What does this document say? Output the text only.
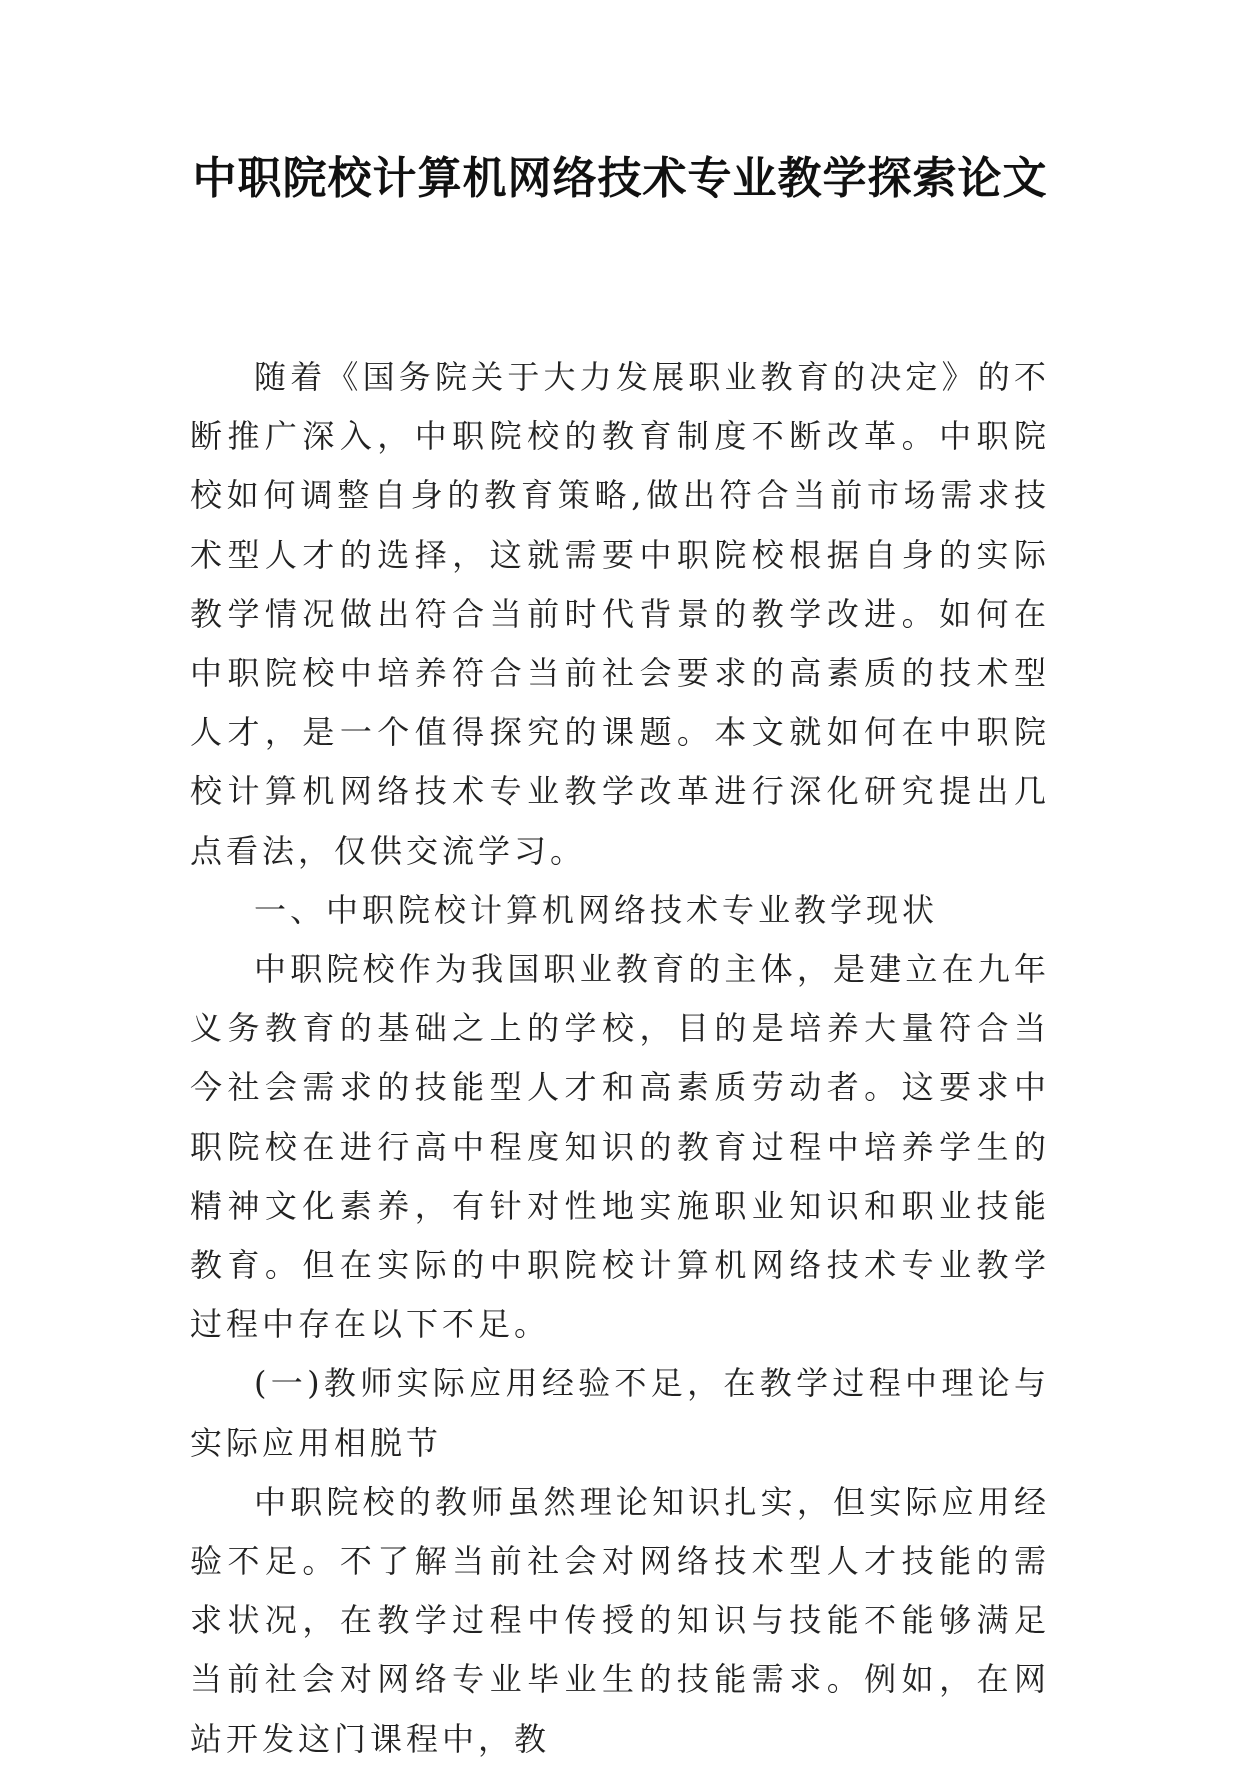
中职院校计算机网络技术专业教学探索论文

随着《国务院关于大力发展职业教育的决定》的不断推广深入，中职院校的教育制度不断改革。中职院校如何调整自身的教育策略,做出符合当前市场需求技术型人才的选择，这就需要中职院校根据自身的实际教学情况做出符合当前时代背景的教学改进。如何在中职院校中培养符合当前社会要求的高素质的技术型人才，是一个值得探究的课题。本文就如何在中职院校计算机网络技术专业教学改革进行深化研究提出几点看法，仅供交流学习。

一、中职院校计算机网络技术专业教学现状

中职院校作为我国职业教育的主体，是建立在九年义务教育的基础之上的学校，目的是培养大量符合当今社会需求的技能型人才和高素质劳动者。这要求中职院校在进行高中程度知识的教育过程中培养学生的精神文化素养，有针对性地实施职业知识和职业技能教育。但在实际的中职院校计算机网络技术专业教学过程中存在以下不足。

(一)教师实际应用经验不足，在教学过程中理论与实际应用相脱节

中职院校的教师虽然理论知识扎实，但实际应用经验不足。不了解当前社会对网络技术型人才技能的需求状况，在教学过程中传授的知识与技能不能够满足当前社会对网络专业毕业生的技能需求。例如，在网站开发这门课程中，教
